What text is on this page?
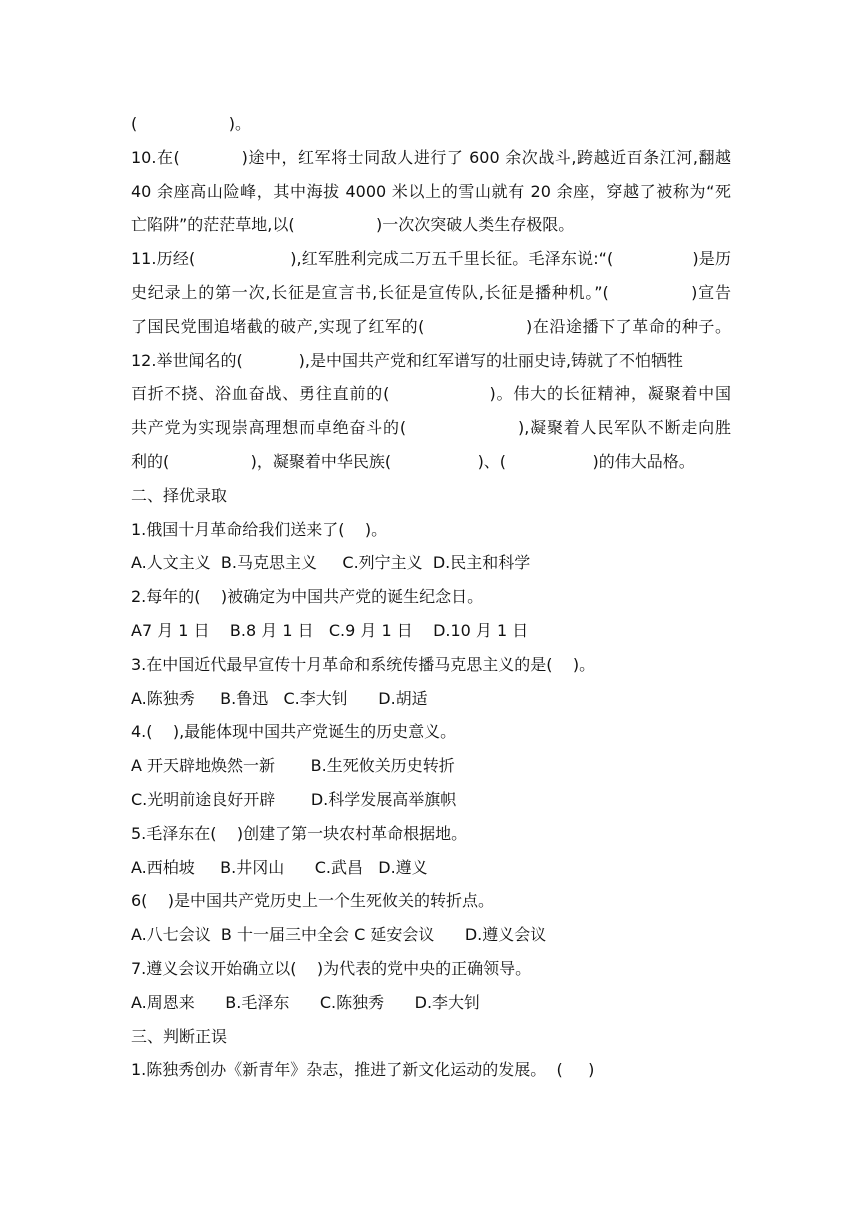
(                  )。
10.在(           )途中，红军将士同敌人进行了 600 余次战斗,跨越近百条江河,翻越
40 余座高山险峰，其中海拔 4000 米以上的雪山就有 20 余座，穿越了被称为“死
亡陷阱”的茫茫草地,以(                )一次次突破人类生存极限。
11.历经(                  ),红军胜利完成二万五千里长征。毛泽东说:“(               )是历
史纪录上的第一次,长征是宣言书,长征是宣传队,长征是播种机。”(              )宣告
了国民党围追堵截的破产,实现了红军的(                  )在沿途播下了革命的种子。
12.举世闻名的(           ),是中国共产党和红军谱写的壮丽史诗,铸就了不怕牺牲
百折不挠、浴血奋战、勇往直前的(                 )。伟大的长征精神，凝聚着中国
共产党为实现崇高理想而卓绝奋斗的(                   ),凝聚着人民军队不断走向胜
利的(                )，凝聚着中华民族(                 )、(                 )的伟大品格。
二、择优录取
1.俄国十月革命给我们送来了(    )。
A.人文主义  B.马克思主义     C.列宁主义  D.民主和科学
2.每年的(    )被确定为中国共产党的诞生纪念日。
A7 月 1 日    B.8 月 1 日   C.9 月 1 日    D.10 月 1 日
3.在中国近代最早宣传十月革命和系统传播马克思主义的是(    )。
A.陈独秀     B.鲁迅   C.李大钊      D.胡适
4.(    ),最能体现中国共产党诞生的历史意义。
A 开天辟地焕然一新       B.生死攸关历史转折
C.光明前途良好开辟       D.科学发展高举旗帜
5.毛泽东在(    )创建了第一块农村革命根据地。
A.西柏坡     B.井冈山      C.武昌   D.遵义
6(    )是中国共产党历史上一个生死攸关的转折点。
A.八七会议  B 十一届三中全会 C 延安会议      D.遵义会议
7.遵义会议开始确立以(    )为代表的党中央的正确领导。
A.周恩来      B.毛泽东      C.陈独秀      D.李大钊
三、判断正误
1.陈独秀创办《新青年》杂志，推进了新文化运动的发展。  (     )
